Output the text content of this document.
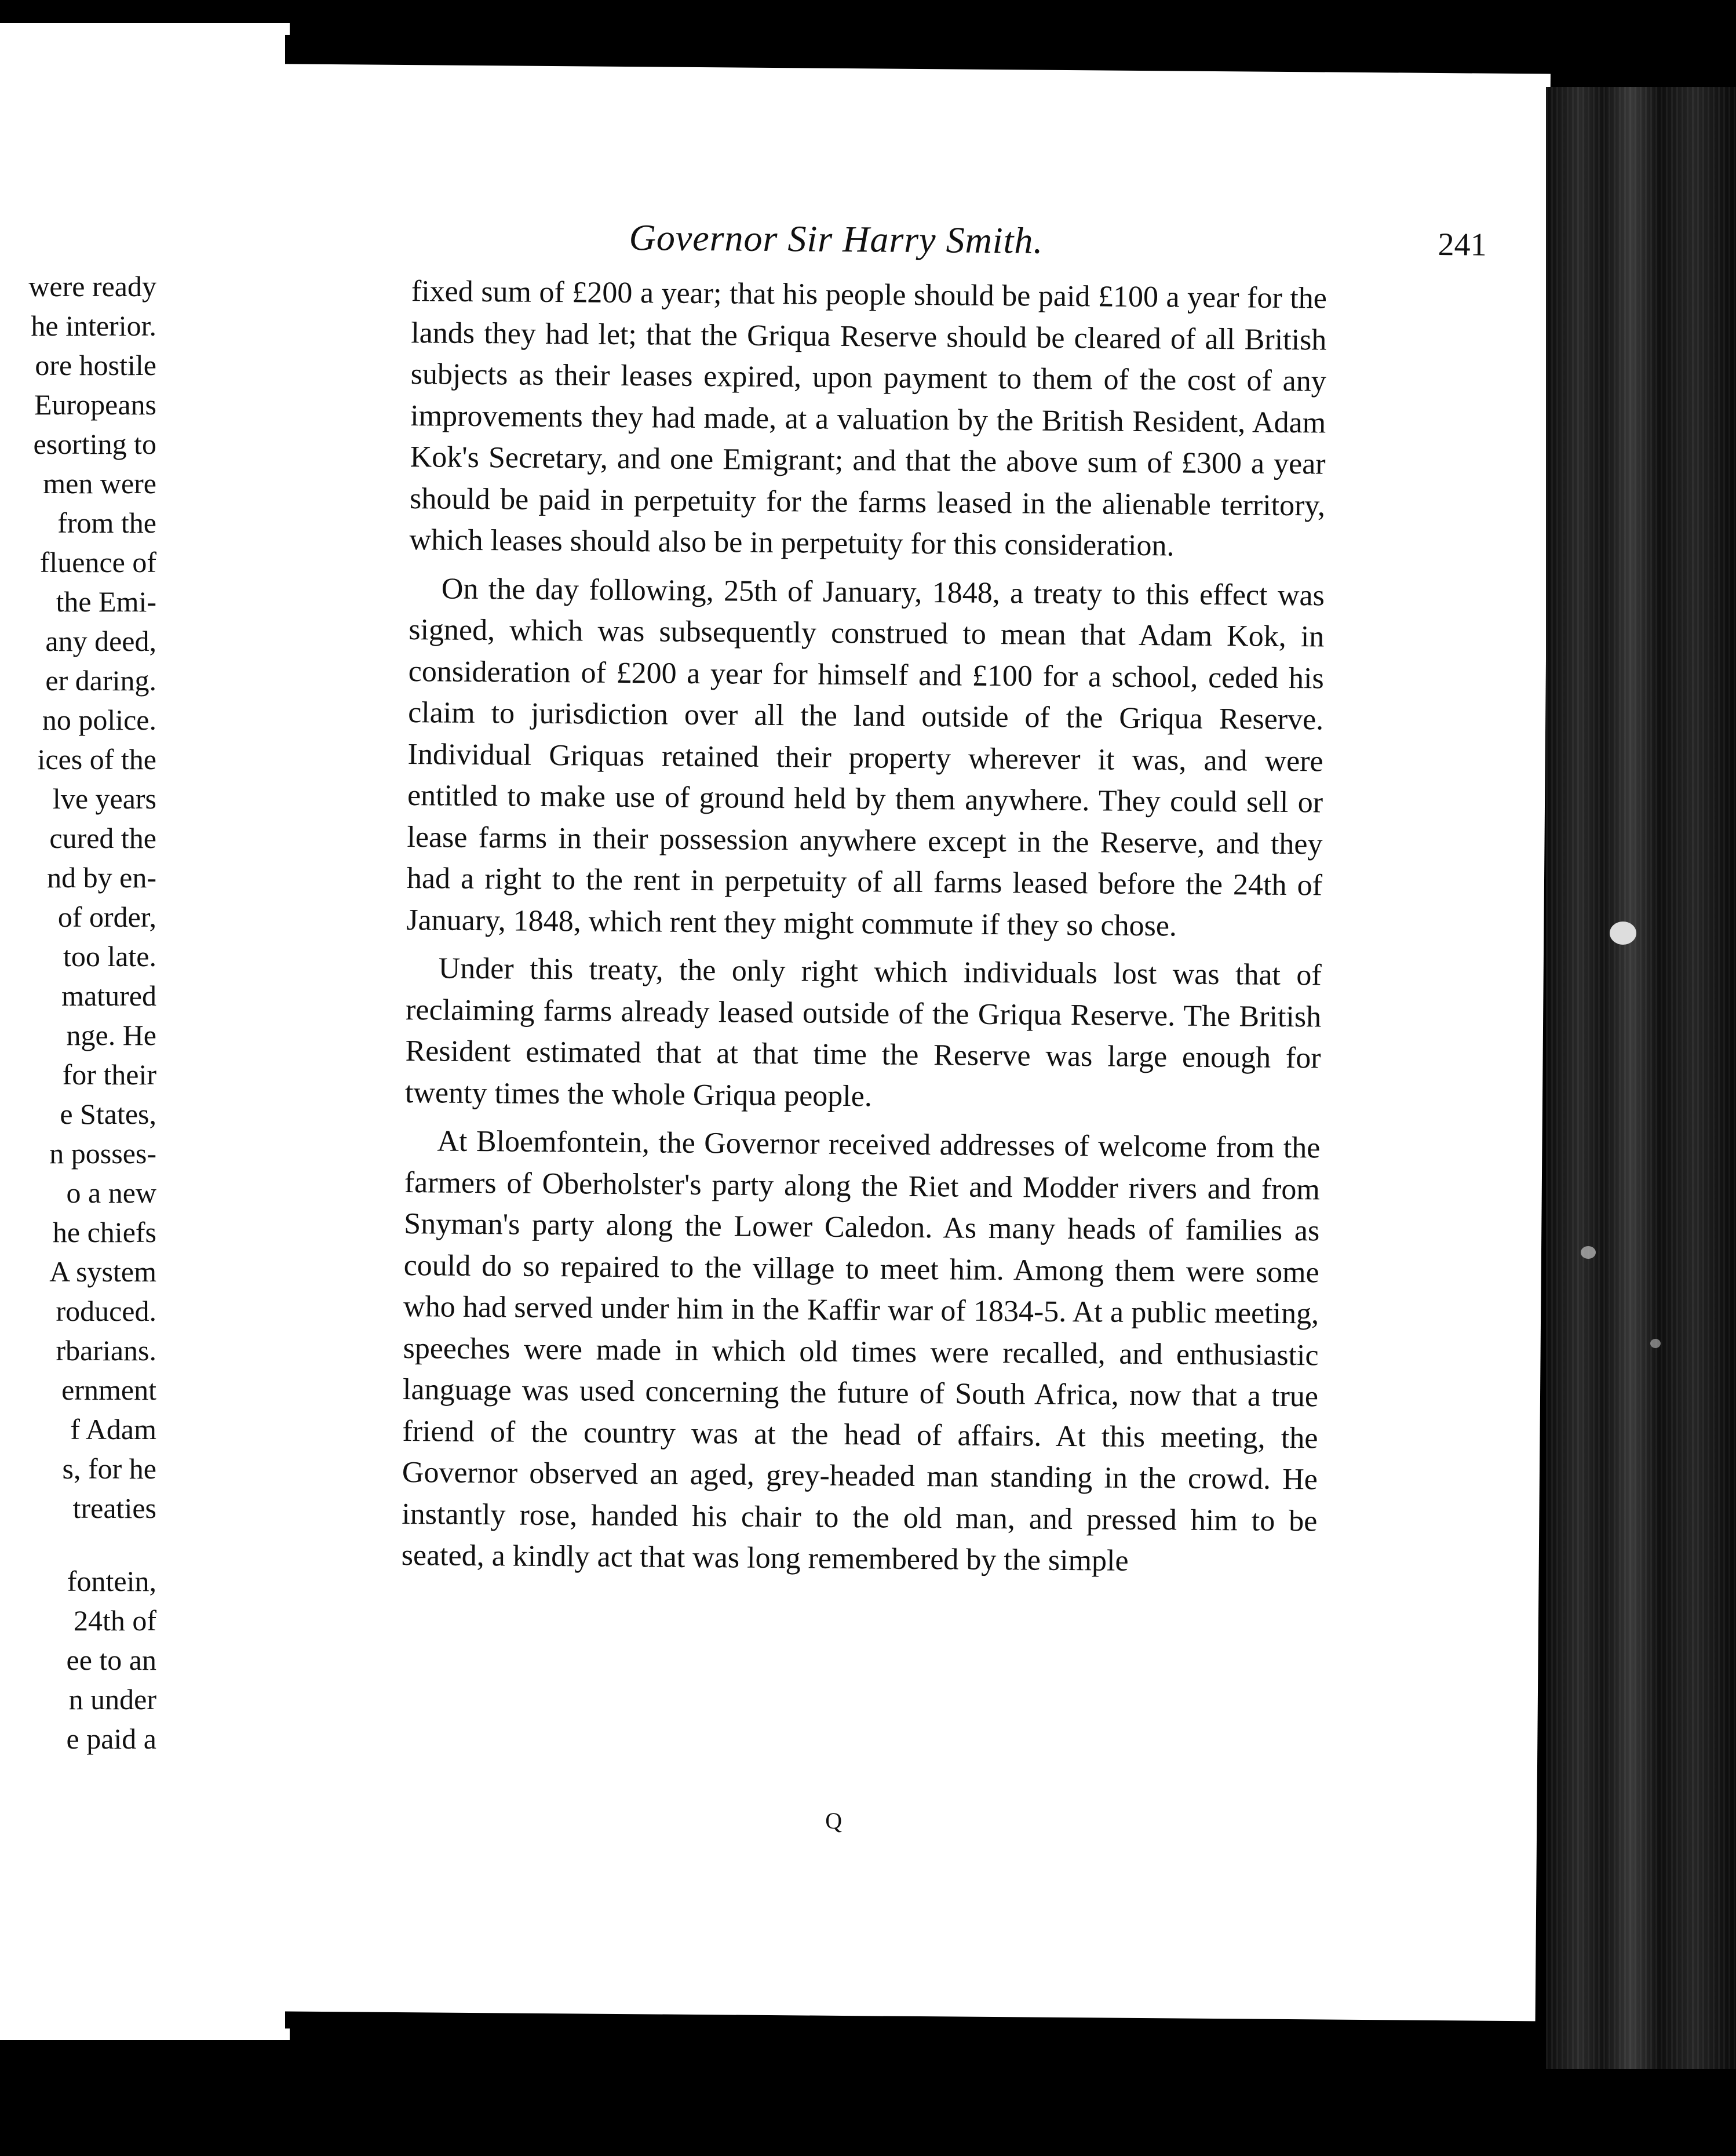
were ready
he interior.
ore hostile
Europeans
esorting to
men were
from the
fluence of
the Emi-
any deed,
er daring.
no police.
ices of the
lve years
cured the
nd by en-
of order,
too late.
matured
nge. He
for their
e States,
n posses-
o a new
he chiefs
A system
roduced.
rbarians.
ernment
f Adam
s, for he
treaties
fontein,
24th of
ee to an
n under
e paid a
Governor Sir Harry Smith.	241

fixed sum of £200 a year; that his people should be paid £100 a year for the lands they had let; that the Griqua Reserve should be cleared of all British subjects as their leases expired, upon payment to them of the cost of any improvements they had made, at a valuation by the British Resident, Adam Kok's Secretary, and one Emigrant; and that the above sum of £300 a year should be paid in perpetuity for the farms leased in the alienable territory, which leases should also be in perpetuity for this consideration.

On the day following, 25th of January, 1848, a treaty to this effect was signed, which was subsequently construed to mean that Adam Kok, in consideration of £200 a year for himself and £100 for a school, ceded his claim to jurisdiction over all the land outside of the Griqua Reserve. Individual Griquas retained their property wherever it was, and were entitled to make use of ground held by them anywhere. They could sell or lease farms in their possession anywhere except in the Reserve, and they had a right to the rent in perpetuity of all farms leased before the 24th of January, 1848, which rent they might commute if they so chose.

Under this treaty, the only right which individuals lost was that of reclaiming farms already leased outside of the Griqua Reserve. The British Resident estimated that at that time the Reserve was large enough for twenty times the whole Griqua people.

At Bloemfontein, the Governor received addresses of welcome from the farmers of Oberholster's party along the Riet and Modder rivers and from Snyman's party along the Lower Caledon. As many heads of families as could do so repaired to the village to meet him. Among them were some who had served under him in the Kaffir war of 1834-5. At a public meeting, speeches were made in which old times were recalled, and enthusiastic language was used concerning the future of South Africa, now that a true friend of the country was at the head of affairs. At this meeting, the Governor observed an aged, grey-headed man standing in the crowd. He instantly rose, handed his chair to the old man, and pressed him to be seated, a kindly act that was long remembered by the simple

Q
